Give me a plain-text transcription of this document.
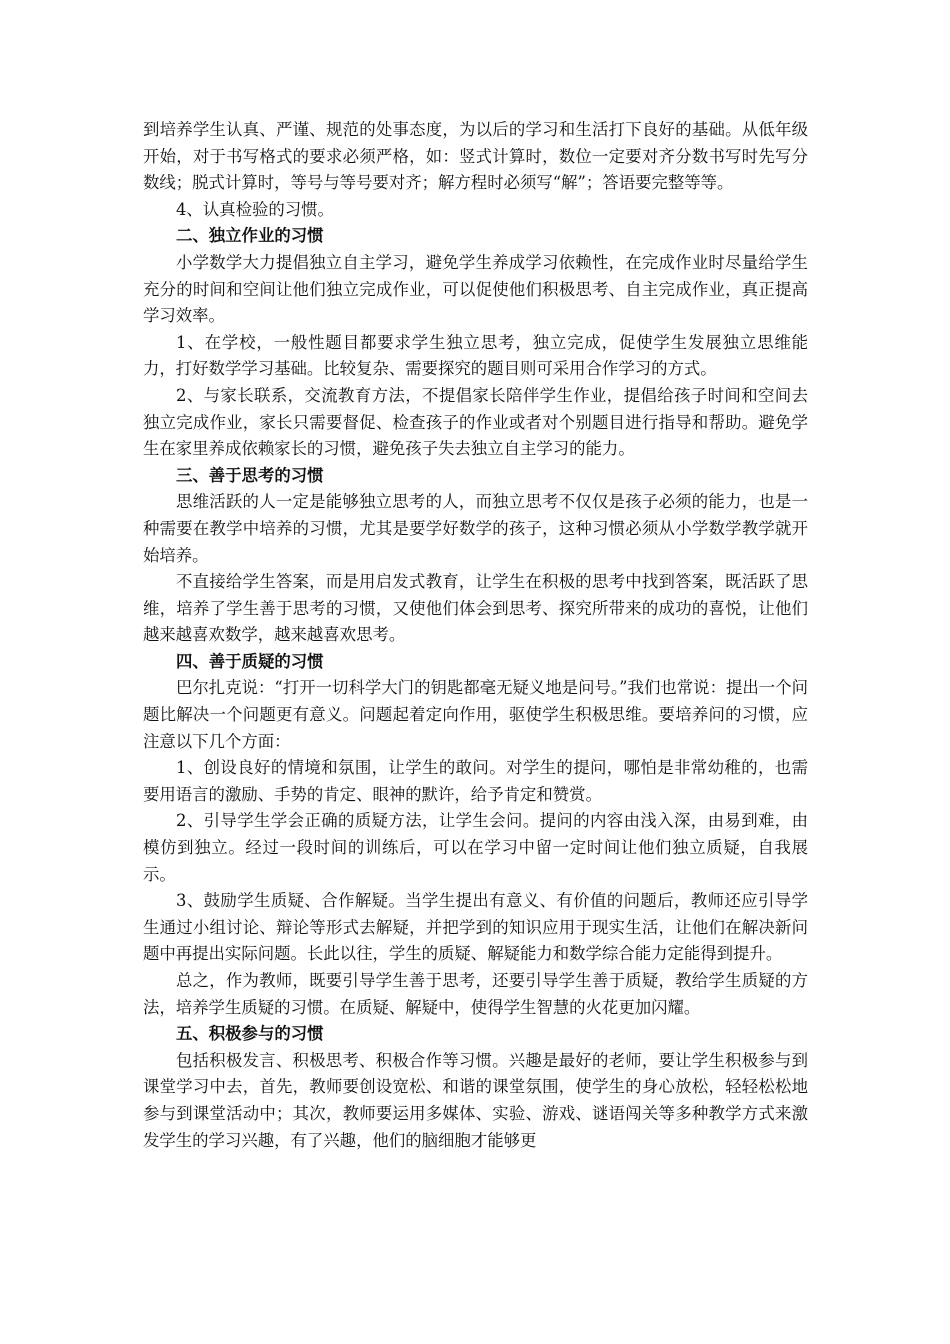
到培养学生认真、严谨、规范的处事态度，为以后的学习和生活打下良好的基础。从低年级开始，对于书写格式的要求必须严格，如：竖式计算时，数位一定要对齐分数书写时先写分数线；脱式计算时，等号与等号要对齐；解方程时必须写“解”；答语要完整等等。

4、认真检验的习惯。

二、独立作业的习惯

小学数学大力提倡独立自主学习，避免学生养成学习依赖性，在完成作业时尽量给学生充分的时间和空间让他们独立完成作业，可以促使他们积极思考、自主完成作业，真正提高学习效率。

1、在学校，一般性题目都要求学生独立思考，独立完成，促使学生发展独立思维能力，打好数学学习基础。比较复杂、需要探究的题目则可采用合作学习的方式。

2、与家长联系，交流教育方法，不提倡家长陪伴学生作业，提倡给孩子时间和空间去独立完成作业，家长只需要督促、检查孩子的作业或者对个别题目进行指导和帮助。避免学生在家里养成依赖家长的习惯，避免孩子失去独立自主学习的能力。

三、善于思考的习惯

思维活跃的人一定是能够独立思考的人，而独立思考不仅仅是孩子必须的能力，也是一种需要在教学中培养的习惯，尤其是要学好数学的孩子，这种习惯必须从小学数学教学就开始培养。

不直接给学生答案，而是用启发式教育，让学生在积极的思考中找到答案，既活跃了思维，培养了学生善于思考的习惯，又使他们体会到思考、探究所带来的成功的喜悦，让他们越来越喜欢数学，越来越喜欢思考。

四、善于质疑的习惯

巴尔扎克说：“打开一切科学大门的钥匙都毫无疑义地是问号。”我们也常说：提出一个问题比解决一个问题更有意义。问题起着定向作用，驱使学生积极思维。要培养问的习惯，应注意以下几个方面：

1、创设良好的情境和氛围，让学生的敢问。对学生的提问，哪怕是非常幼稚的，也需要用语言的激励、手势的肯定、眼神的默许，给予肯定和赞赏。

2、引导学生学会正确的质疑方法，让学生会问。提问的内容由浅入深，由易到难，由模仿到独立。经过一段时间的训练后，可以在学习中留一定时间让他们独立质疑，自我展示。

3、鼓励学生质疑、合作解疑。当学生提出有意义、有价值的问题后，教师还应引导学生通过小组讨论、辩论等形式去解疑，并把学到的知识应用于现实生活，让他们在解决新问题中再提出实际问题。长此以往，学生的质疑、解疑能力和数学综合能力定能得到提升。

总之，作为教师，既要引导学生善于思考，还要引导学生善于质疑，教给学生质疑的方法，培养学生质疑的习惯。在质疑、解疑中，使得学生智慧的火花更加闪耀。

五、积极参与的习惯

包括积极发言、积极思考、积极合作等习惯。兴趣是最好的老师，要让学生积极参与到课堂学习中去，首先，教师要创设宽松、和谐的课堂氛围，使学生的身心放松，轻轻松松地参与到课堂活动中；其次，教师要运用多媒体、实验、游戏、谜语闯关等多种教学方式来激发学生的学习兴趣，有了兴趣，他们的脑细胞才能够更
